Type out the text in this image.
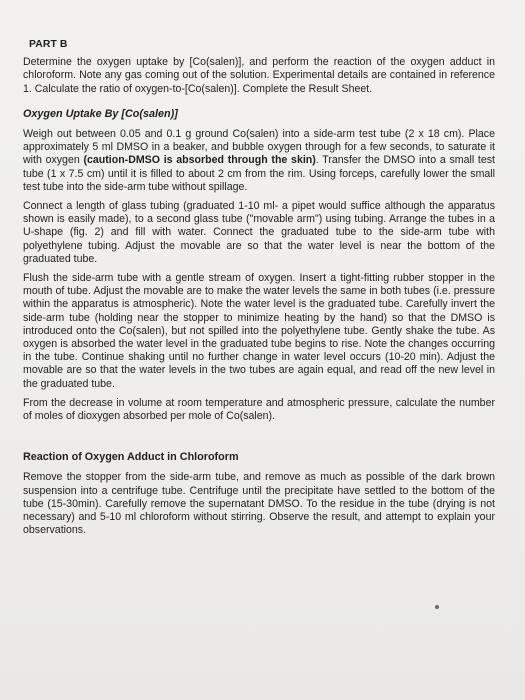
PART B

Determine the oxygen uptake by [Co(salen)], and perform the reaction of the oxygen adduct in chloroform. Note any gas coming out of the solution. Experimental details are contained in reference 1. Calculate the ratio of oxygen-to-[Co(salen)]. Complete the Result Sheet.

Oxygen Uptake By [Co(salen)]

Weigh out between 0.05 and 0.1 g ground Co(salen) into a side-arm test tube (2 x 18 cm). Place approximately 5 ml DMSO in a beaker, and bubble oxygen through for a few seconds, to saturate it with oxygen (caution-DMSO is absorbed through the skin). Transfer the DMSO into a small test tube (1 x 7.5 cm) until it is filled to about 2 cm from the rim. Using forceps, carefully lower the small test tube into the side-arm tube without spillage.

Connect a length of glass tubing (graduated 1-10 ml- a pipet would suffice although the apparatus shown is easily made), to a second glass tube ("movable arm") using tubing. Arrange the tubes in a U-shape (fig. 2) and fill with water. Connect the graduated tube to the side-arm tube with polyethylene tubing. Adjust the movable are so that the water level is near the bottom of the graduated tube.

Flush the side-arm tube with a gentle stream of oxygen. Insert a tight-fitting rubber stopper in the mouth of tube. Adjust the movable are to make the water levels the same in both tubes (i.e. pressure within the apparatus is atmospheric). Note the water level is the graduated tube. Carefully invert the side-arm tube (holding near the stopper to minimize heating by the hand) so that the DMSO is introduced onto the Co(salen), but not spilled into the polyethylene tube. Gently shake the tube. As oxygen is absorbed the water level in the graduated tube begins to rise. Note the changes occurring in the tube. Continue shaking until no further change in water level occurs (10-20 min). Adjust the movable are so that the water levels in the two tubes are again equal, and read off the new level in the graduated tube.

From the decrease in volume at room temperature and atmospheric pressure, calculate the number of moles of dioxygen absorbed per mole of Co(salen).

Reaction of Oxygen Adduct in Chloroform

Remove the stopper from the side-arm tube, and remove as much as possible of the dark brown suspension into a centrifuge tube. Centrifuge until the precipitate have settled to the bottom of the tube (15-30min). Carefully remove the supernatant DMSO. To the residue in the tube (drying is not necessary) and 5-10 ml chloroform without stirring. Observe the result, and attempt to explain your observations.
